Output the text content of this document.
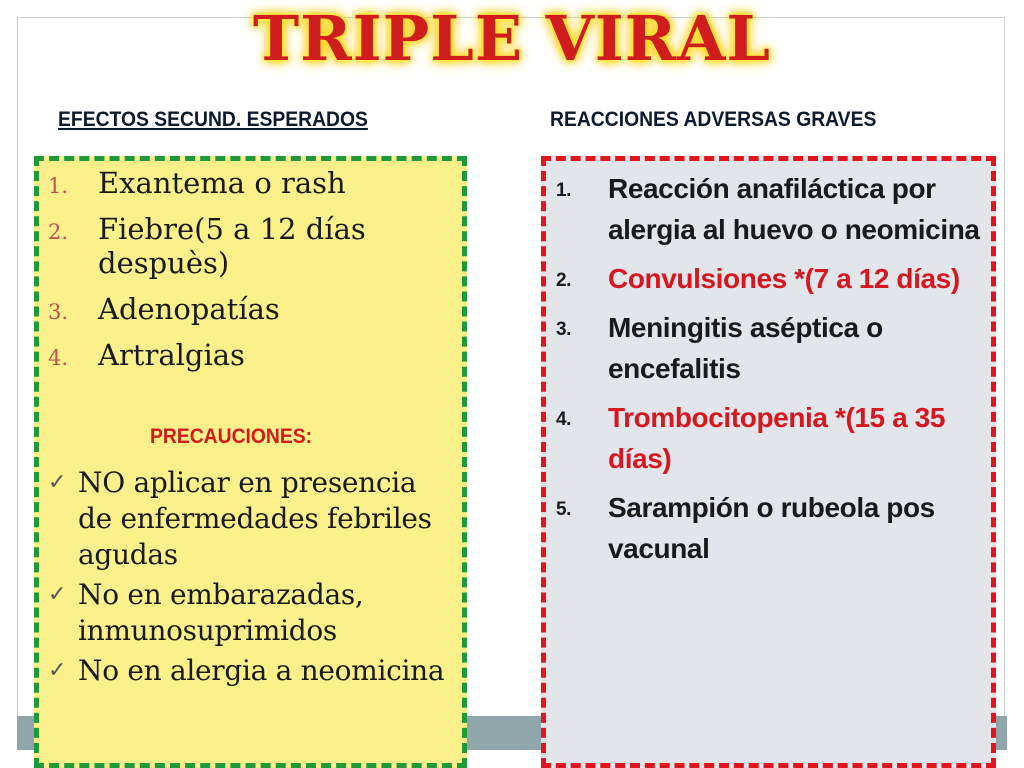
TRIPLE VIRAL
EFECTOS SECUND. ESPERADOS	REACCIONES ADVERSAS GRAVES
1. Exantema o rash
2. Fiebre(5 a 12 días despuès)
3. Adenopatías
4. Artralgias
PRECAUCIONES:
✓ NO aplicar en presencia de enfermedades febriles agudas
✓ No en embarazadas, inmunosuprimidos
✓ No en alergia a neomicina
1. Reacción anafiláctica por alergia al huevo o neomicina
2. Convulsiones *(7 a 12 días)
3. Meningitis aséptica o encefalitis
4. Trombocitopenia *(15 a 35 días)
5. Sarampión o rubeola pos vacunal
